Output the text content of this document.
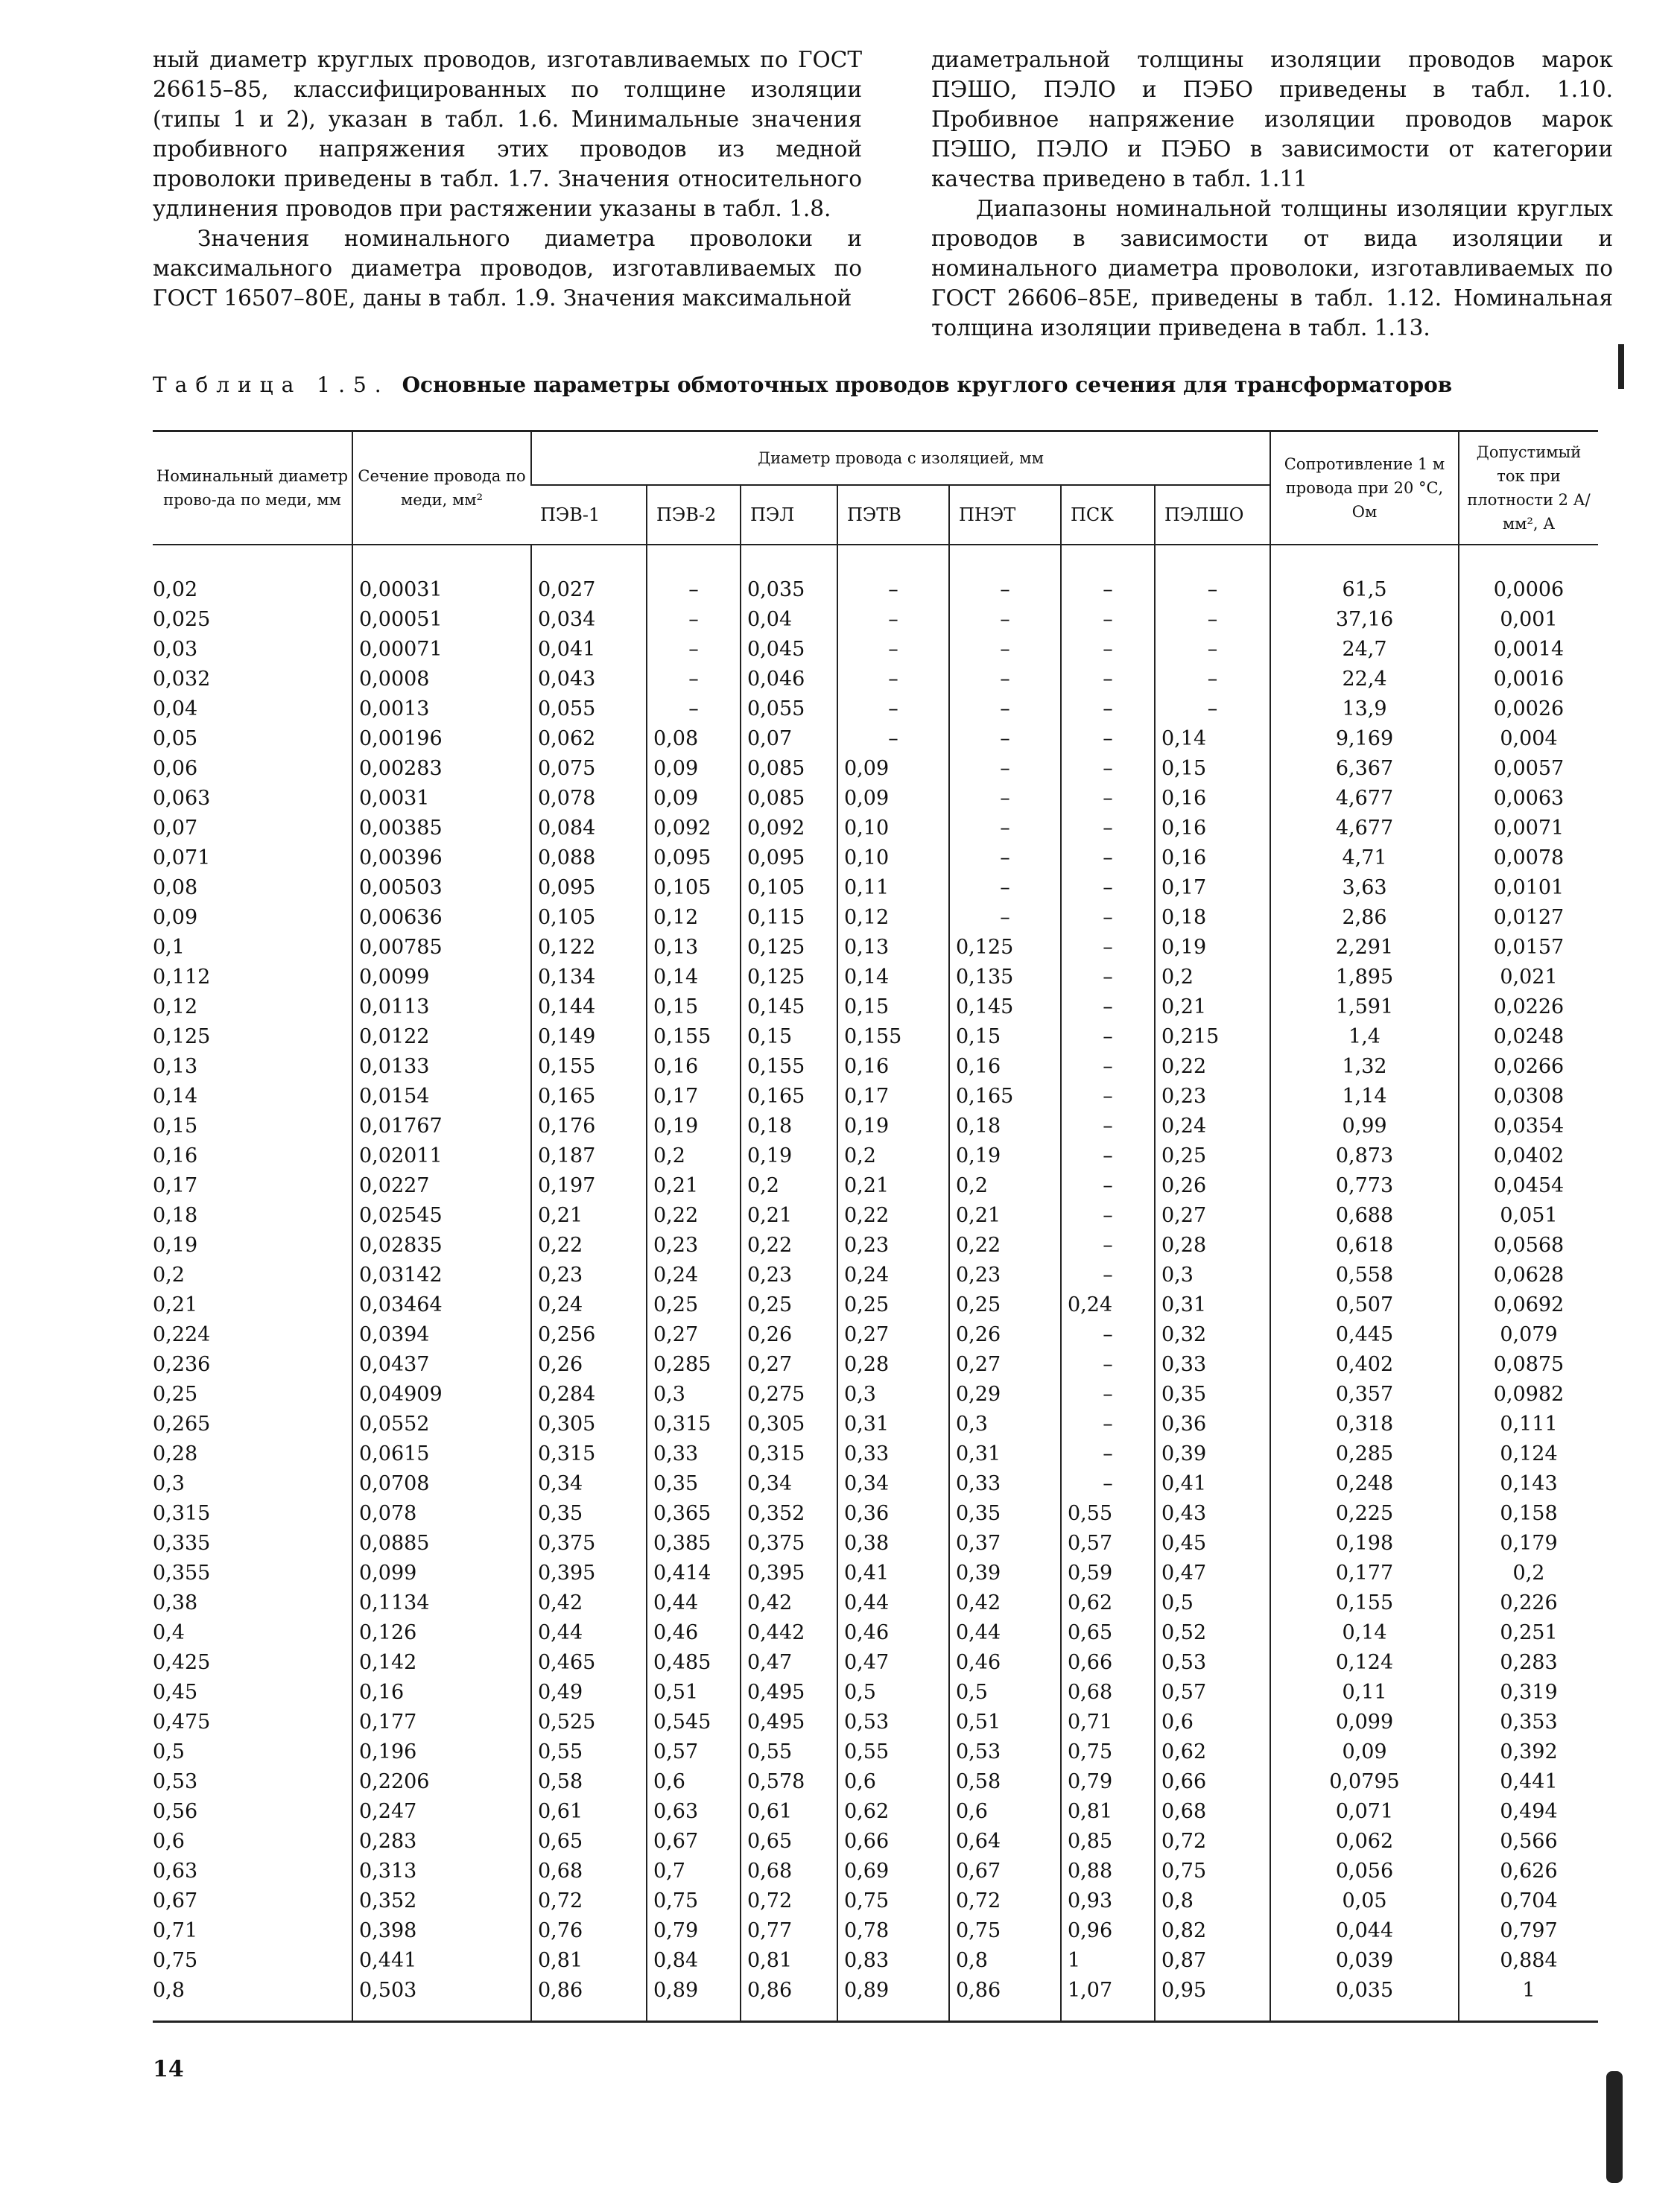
ный диаметр круглых проводов, изготавливаемых по ГОСТ 26615–85, классифицированных по толщине изоляции (типы 1 и 2), указан в табл. 1.6. Минимальные значения пробивного напряжения этих проводов из медной проволоки приведены в табл. 1.7. Значения относительного удлинения проводов при растяжении указаны в табл. 1.8.

Значения номинального диаметра проволоки и максимального диаметра проводов, изготавливаемых по ГОСТ 16507–80Е, даны в табл. 1.9. Значения максимальной

диаметральной толщины изоляции проводов марок ПЭШО, ПЭЛО и ПЭБО приведены в табл. 1.10. Пробивное напряжение изоляции проводов марок ПЭШО, ПЭЛО и ПЭБО в зависимости от категории качества приведено в табл. 1.11

Диапазоны номинальной толщины изоляции круглых проводов в зависимости от вида изоляции и номинального диаметра проволоки, изготавливаемых по ГОСТ 26606–85Е, приведены в табл. 1.12. Номинальная толщина изоляции приведена в табл. 1.13.

Таблица 1.5. Основные параметры обмоточных проводов круглого сечения для трансформаторов
Номинальный диаметр прово-да по меди, мм	Сечение провода по меди, мм²	Диаметр провода с изоляцией, мм							Сопротивление 1 м провода при 20 °С, Ом	Допустимый ток при плотности 2 А/мм², А
		ПЭВ-1	ПЭВ-2	ПЭЛ	ПЭТВ	ПНЭТ	ПСК	ПЭЛШО		

0,02	0,00031	0,027	–	0,035	–	–	–	–	61,5	0,0006
0,025	0,00051	0,034	–	0,04	–	–	–	–	37,16	0,001
0,03	0,00071	0,041	–	0,045	–	–	–	–	24,7	0,0014
0,032	0,0008	0,043	–	0,046	–	–	–	–	22,4	0,0016
0,04	0,0013	0,055	–	0,055	–	–	–	–	13,9	0,0026
0,05	0,00196	0,062	0,08	0,07	–	–	–	0,14	9,169	0,004
0,06	0,00283	0,075	0,09	0,085	0,09	–	–	0,15	6,367	0,0057
0,063	0,0031	0,078	0,09	0,085	0,09	–	–	0,16	4,677	0,0063
0,07	0,00385	0,084	0,092	0,092	0,10	–	–	0,16	4,677	0,0071
0,071	0,00396	0,088	0,095	0,095	0,10	–	–	0,16	4,71	0,0078
0,08	0,00503	0,095	0,105	0,105	0,11	–	–	0,17	3,63	0,0101
0,09	0,00636	0,105	0,12	0,115	0,12	–	–	0,18	2,86	0,0127
0,1	0,00785	0,122	0,13	0,125	0,13	0,125	–	0,19	2,291	0,0157
0,112	0,0099	0,134	0,14	0,125	0,14	0,135	–	0,2	1,895	0,021
0,12	0,0113	0,144	0,15	0,145	0,15	0,145	–	0,21	1,591	0,0226
0,125	0,0122	0,149	0,155	0,15	0,155	0,15	–	0,215	1,4	0,0248
0,13	0,0133	0,155	0,16	0,155	0,16	0,16	–	0,22	1,32	0,0266
0,14	0,0154	0,165	0,17	0,165	0,17	0,165	–	0,23	1,14	0,0308
0,15	0,01767	0,176	0,19	0,18	0,19	0,18	–	0,24	0,99	0,0354
0,16	0,02011	0,187	0,2	0,19	0,2	0,19	–	0,25	0,873	0,0402
0,17	0,0227	0,197	0,21	0,2	0,21	0,2	–	0,26	0,773	0,0454
0,18	0,02545	0,21	0,22	0,21	0,22	0,21	–	0,27	0,688	0,051
0,19	0,02835	0,22	0,23	0,22	0,23	0,22	–	0,28	0,618	0,0568
0,2	0,03142	0,23	0,24	0,23	0,24	0,23	–	0,3	0,558	0,0628
0,21	0,03464	0,24	0,25	0,25	0,25	0,25	0,24	0,31	0,507	0,0692
0,224	0,0394	0,256	0,27	0,26	0,27	0,26	–	0,32	0,445	0,079
0,236	0,0437	0,26	0,285	0,27	0,28	0,27	–	0,33	0,402	0,0875
0,25	0,04909	0,284	0,3	0,275	0,3	0,29	–	0,35	0,357	0,0982
0,265	0,0552	0,305	0,315	0,305	0,31	0,3	–	0,36	0,318	0,111
0,28	0,0615	0,315	0,33	0,315	0,33	0,31	–	0,39	0,285	0,124
0,3	0,0708	0,34	0,35	0,34	0,34	0,33	–	0,41	0,248	0,143
0,315	0,078	0,35	0,365	0,352	0,36	0,35	0,55	0,43	0,225	0,158
0,335	0,0885	0,375	0,385	0,375	0,38	0,37	0,57	0,45	0,198	0,179
0,355	0,099	0,395	0,414	0,395	0,41	0,39	0,59	0,47	0,177	0,2
0,38	0,1134	0,42	0,44	0,42	0,44	0,42	0,62	0,5	0,155	0,226
0,4	0,126	0,44	0,46	0,442	0,46	0,44	0,65	0,52	0,14	0,251
0,425	0,142	0,465	0,485	0,47	0,47	0,46	0,66	0,53	0,124	0,283
0,45	0,16	0,49	0,51	0,495	0,5	0,5	0,68	0,57	0,11	0,319
0,475	0,177	0,525	0,545	0,495	0,53	0,51	0,71	0,6	0,099	0,353
0,5	0,196	0,55	0,57	0,55	0,55	0,53	0,75	0,62	0,09	0,392
0,53	0,2206	0,58	0,6	0,578	0,6	0,58	0,79	0,66	0,0795	0,441
0,56	0,247	0,61	0,63	0,61	0,62	0,6	0,81	0,68	0,071	0,494
0,6	0,283	0,65	0,67	0,65	0,66	0,64	0,85	0,72	0,062	0,566
0,63	0,313	0,68	0,7	0,68	0,69	0,67	0,88	0,75	0,056	0,626
0,67	0,352	0,72	0,75	0,72	0,75	0,72	0,93	0,8	0,05	0,704
0,71	0,398	0,76	0,79	0,77	0,78	0,75	0,96	0,82	0,044	0,797
0,75	0,441	0,81	0,84	0,81	0,83	0,8	1	0,87	0,039	0,884
0,8	0,503	0,86	0,89	0,86	0,89	0,86	1,07	0,95	0,035	1
14
